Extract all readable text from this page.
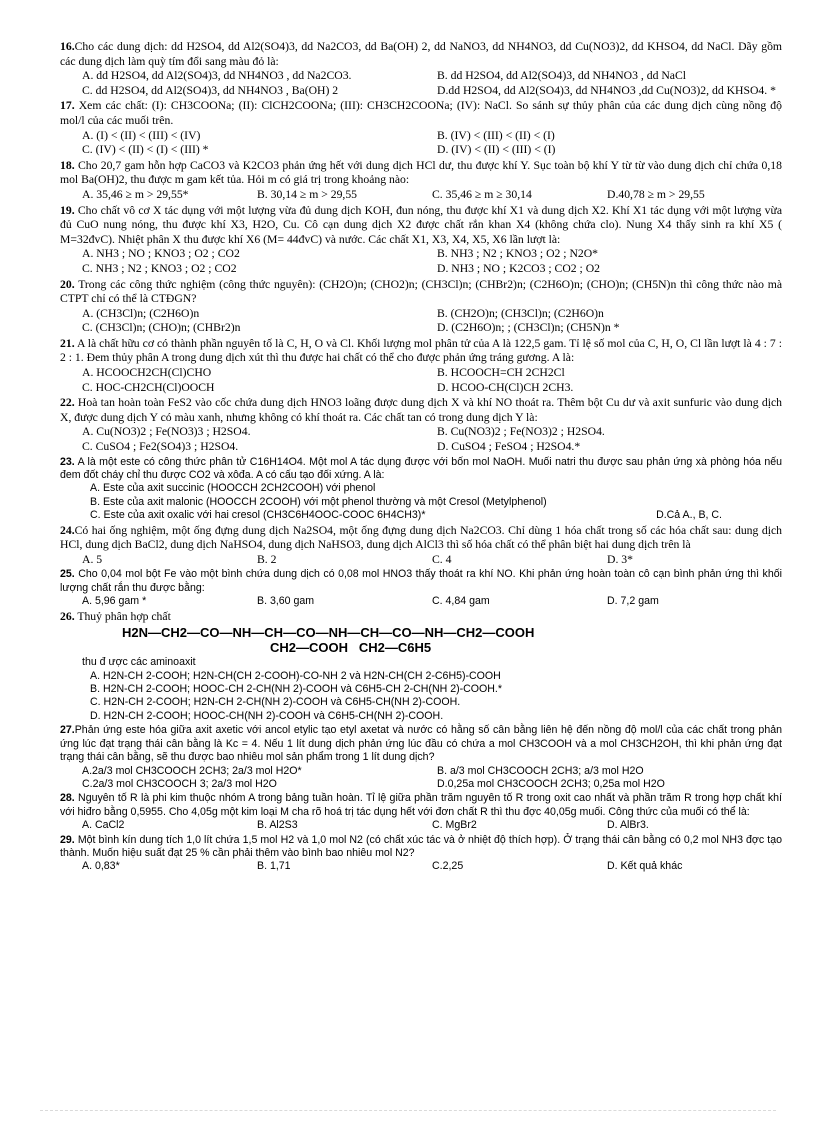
16.Cho các dung dịch: dd H2SO4, dd Al2(SO4)3, dd Na2CO3, dd Ba(OH) 2, dd NaNO3, dd NH4NO3, dd Cu(NO3)2, dd KHSO4, dd NaCl. Dãy gồm các dung dịch làm quỳ tím đổi sang màu đỏ là:
A. dd H2SO4, dd Al2(SO4)3, dd NH4NO3 , dd Na2CO3.	B. dd H2SO4, dd Al2(SO4)3, dd NH4NO3 , dd NaCl
C. dd H2SO4, dd Al2(SO4)3, dd NH4NO3 , Ba(OH) 2	D.dd H2SO4, dd Al2(SO4)3, dd NH4NO3 ,dd Cu(NO3)2, dd KHSO4. *
17. Xem các chất: (I): CH3COONa; (II): ClCH2COONa; (III): CH3CH2COONa; (IV): NaCl. So sánh sự thủy phân của các dung dịch cùng nồng độ mol/l của các muối trên.
A. (I) < (II) < (III) < (IV)	B. (IV) < (III) < (II) < (I)
C. (IV) < (II) < (I) < (III) *	D. (IV) < (II) < (III) < (I)
18. Cho 20,7 gam hỗn hợp CaCO3 và K2CO3 phản ứng hết với dung dịch HCl dư, thu được khí Y. Sục toàn bộ khí Y từ từ vào dung dịch chỉ chứa 0,18 mol Ba(OH)2, thu được m gam kết tủa. Hỏi m có giá trị trong khoảng nào:
A. 35,46 ≥ m > 29,55*	B. 30,14 ≥ m > 29,55	C. 35,46 ≥ m ≥ 30,14	D.40,78 ≥ m > 29,55
19. Cho chất vô cơ X tác dụng với một lượng vừa đủ dung dịch KOH, đun nóng, thu được khí X1 và dung dịch X2. Khí X1 tác dụng với một lượng vừa đủ CuO nung nóng, thu được khí X3, H2O, Cu. Cô cạn dung dịch X2 được chất rắn khan X4 (không chứa clo). Nung X4 thấy sinh ra khí X5 ( M=32đvC). Nhiệt phân X thu được khí X6 (M= 44đvC) và nước. Các chất X1, X3, X4, X5, X6 lần lượt là:
A. NH3 ; NO ; KNO3 ; O2 ; CO2	B. NH3 ; N2 ; KNO3 ; O2 ; N2O*
C. NH3 ; N2 ; KNO3 ; O2 ; CO2	D. NH3 ; NO ; K2CO3 ; CO2 ; O2
20. Trong các công thức nghiệm (công thức nguyên): (CH2O)n; (CHO2)n; (CH3Cl)n; (CHBr2)n; (C2H6O)n; (CHO)n; (CH5N)n thì công thức nào mà CTPT chỉ có thể là CTĐGN?
A. (CH3Cl)n; (C2H6O)n	B. (CH2O)n; (CH3Cl)n; (C2H6O)n
C. (CH3Cl)n; (CHO)n; (CHBr2)n	D. (C2H6O)n; ; (CH3Cl)n; (CH5N)n *
21. A là chất hữu cơ có thành phần nguyên tố là C, H, O và Cl. Khối lượng mol phân tử của A là 122,5 gam. Tỉ lệ số mol của C, H, O, Cl lần lượt là 4 : 7 : 2 : 1. Đem thủy phân A trong dung dịch xút thì thu được hai chất có thể cho được phản ứng tráng gương. A là:
A. HCOOCH2CH(Cl)CHO	B. HCOOCH=CH 2CH2Cl
C. HOC-CH2CH(Cl)OOCH	D. HCOO-CH(Cl)CH 2CH3.
22. Hoà tan hoàn toàn FeS2 vào cốc chứa dung dịch HNO3 loãng được dung dịch X và khí NO thoát ra. Thêm bột Cu dư và axit sunfuric vào dung dịch X, được dung dịch Y có màu xanh, nhưng không có khí thoát ra. Các chất tan có trong dung dịch Y là:
A. Cu(NO3)2 ; Fe(NO3)3 ; H2SO4.	B. Cu(NO3)2 ; Fe(NO3)2 ; H2SO4.
C. CuSO4 ; Fe2(SO4)3 ; H2SO4.	D. CuSO4 ; FeSO4 ; H2SO4.*
23. A là một este có công thức phân tử C16H14O4. Một mol A tác dụng được với bốn mol NaOH. Muối natri thu được sau phản ứng xà phòng hóa nếu đem đốt cháy chỉ thu được CO2 và xôđa. A có cấu tạo đối xứng. A là:
A. Este của axit succinic (HOOCCH 2CH2COOH) với phenol
B. Este của axit malonic (HOOCCH 2COOH) với một phenol thường và một Cresol (Metylphenol)
C. Este của axit oxalic với hai cresol (CH3C6H4OOC-COOC 6H4CH3)*	D.Cả A., B, C.
24.Có hai ống nghiệm, một ống đựng dung dịch Na2SO4, một ống đựng dung dịch Na2CO3. Chỉ dùng 1 hóa chất trong số các hóa chất sau: dung dịch HCl, dung dịch BaCl2, dung dịch NaHSO4, dung dịch NaHSO3, dung dịch AlCl3 thì số hóa chất có thể phân biệt hai dung dịch trên là
A. 5	B. 2	C. 4	D. 3*
25. Cho 0,04 mol bột Fe vào một bình chứa dung dịch có 0,08 mol HNO3 thấy thoát ra khí NO. Khi phản ứng hoàn toàn cô cạn bình phản ứng thì khối lượng chất rắn thu được bằng:
A. 5,96 gam *	B. 3,60 gam	C. 4,84 gam	D. 7,2 gam
26. Thuỷ phân hợp chất
H2N—CH2—CO—NH—CH—CO—NH—CH—CO—NH—CH2—COOH
CH2—COOH   CH2—C6H5
thu đ ược các aminoaxit
A. H2N-CH 2-COOH; H2N-CH(CH 2-COOH)-CO-NH 2 và H2N-CH(CH 2-C6H5)-COOH
B. H2N-CH 2-COOH; HOOC-CH 2-CH(NH 2)-COOH và C6H5-CH 2-CH(NH 2)-COOH.*
C. H2N-CH 2-COOH; H2N-CH 2-CH(NH 2)-COOH và C6H5-CH(NH 2)-COOH.
D. H2N-CH 2-COOH; HOOC-CH(NH 2)-COOH và C6H5-CH(NH 2)-COOH.
27.Phản ứng este hóa giữa axit axetic với ancol etylic tạo etyl axetat và nước có hằng số cân bằng liên hệ đến nồng độ mol/l của các chất trong phản ứng lúc đạt trạng thái cân bằng là Kc = 4. Nếu 1 lít dung dịch phản ứng lúc đầu có chứa a mol CH3COOH và a mol CH3CH2OH, thì khi phản ứng đạt trạng thái cân bằng, sẽ thu được bao nhiêu mol sản phẩm trong 1 lít dung dịch?
A.2a/3 mol CH3COOCH 2CH3; 2a/3 mol H2O*	B. a/3 mol CH3COOCH 2CH3; a/3 mol H2O
C.2a/3 mol CH3COOCH 3; 2a/3 mol H2O	D.0,25a mol CH3COOCH 2CH3; 0,25a mol H2O
28. Nguyên tố R là phi kim thuộc nhóm A trong bảng tuần hoàn. Tỉ lệ giữa phần trăm nguyên tố R trong oxit cao nhất và phần trăm R trong hợp chất khí với hiđro bằng 0,5955. Cho 4,05g một kim loại M cha rõ hoá trị tác dụng hết với đơn chất R thì thu đợc 40,05g muối. Công thức của muối có thể là:
A. CaCl2	B. Al2S3	C. MgBr2	D. AlBr3.
29. Một bình kín dung tích 1,0 lít chứa 1,5 mol H2 và 1,0 mol N2 (có chất xúc tác và ở nhiệt độ thích hợp). Ở trạng thái cân bằng có 0,2 mol NH3 đợc tạo thành. Muốn hiệu suất đạt 25 % cần phải thêm vào bình bao nhiêu mol N2?
A. 0,83*	B. 1,71	C.2,25	D. Kết quả khác
